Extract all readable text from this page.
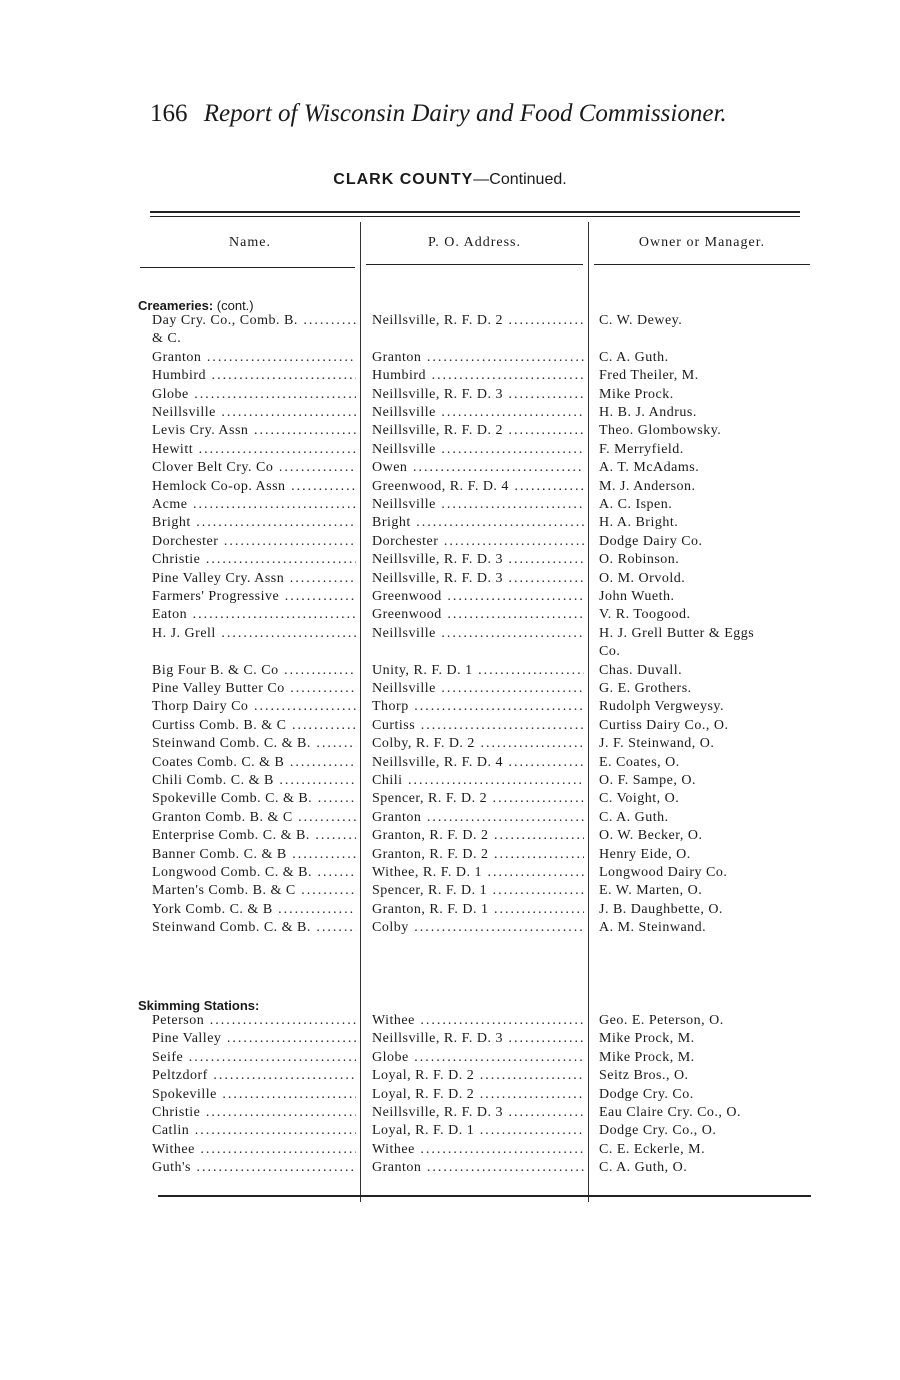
166 Report of Wisconsin Dairy and Food Commissioner.
CLARK COUNTY—Continued.
Name.	P. O. Address.	Owner or Manager.
Creameries: (cont.)
Day Cry. Co., Comb. B. .....	Neillsville, R. F. D. 2 .....	C. W. Dewey.
& C.
Granton .....	Granton .....	C. A. Guth.
Humbird .....	Humbird .....	Fred Theiler, M.
Globe .....	Neillsville, R. F. D. 3 .....	Mike Prock.
Neillsville .....	Neillsville .....	H. B. J. Andrus.
Levis Cry. Assn .....	Neillsville, R. F. D. 2 .....	Theo. Glombowsky.
Hewitt .....	Neillsville .....	F. Merryfield.
Clover Belt Cry. Co .....	Owen .....	A. T. McAdams.
Hemlock Co-op. Assn .....	Greenwood, R. F. D. 4 .....	M. J. Anderson.
Acme .....	Neillsville .....	A. C. Ispen.
Bright .....	Bright .....	H. A. Bright.
Dorchester .....	Dorchester .....	Dodge Dairy Co.
Christie .....	Neillsville, R. F. D. 3 .....	O. Robinson.
Pine Valley Cry. Assn .....	Neillsville, R. F. D. 3 .....	O. M. Orvold.
Farmers' Progressive .....	Greenwood .....	John Wueth.
Eaton .....	Greenwood .....	V. R. Toogood.
H. J. Grell .....	Neillsville .....	H. J. Grell Butter & Eggs
Co.
Big Four B. & C. Co .....	Unity, R. F. D. 1 .....	Chas. Duvall.
Pine Valley Butter Co .....	Neillsville .....	G. E. Grothers.
Thorp Dairy Co .....	Thorp .....	Rudolph Vergweysy.
Curtiss Comb. B. & C .....	Curtiss .....	Curtiss Dairy Co., O.
Steinwand Comb. C. & B. .....	Colby, R. F. D. 2 .....	J. F. Steinwand, O.
Coates Comb. C. & B .....	Neillsville, R. F. D. 4 .....	E. Coates, O.
Chili Comb. C. & B .....	Chili .....	O. F. Sampe, O.
Spokeville Comb. C. & B. .....	Spencer, R. F. D. 2 .....	C. Voight, O.
Granton Comb. B. & C .....	Granton .....	C. A. Guth.
Enterprise Comb. C. & B. .....	Granton, R. F. D. 2 .....	O. W. Becker, O.
Banner Comb. C. & B .....	Granton, R. F. D. 2 .....	Henry Eide, O.
Longwood Comb. C. & B. .....	Withee, R. F. D. 1 .....	Longwood Dairy Co.
Marten's Comb. B. & C .....	Spencer, R. F. D. 1 .....	E. W. Marten, O.
York Comb. C. & B .....	Granton, R. F. D. 1 .....	J. B. Daughbette, O.
Steinwand Comb. C. & B. .....	Colby .....	A. M. Steinwand.
Skimming Stations:
Peterson .....	Withee .....	Geo. E. Peterson, O.
Pine Valley .....	Neillsville, R. F. D. 3 .....	Mike Prock, M.
Seife .....	Globe .....	Mike Prock, M.
Peltzdorf .....	Loyal, R. F. D. 2 .....	Seitz Bros., O.
Spokeville .....	Loyal, R. F. D. 2 .....	Dodge Cry. Co.
Christie .....	Neillsville, R. F. D. 3 .....	Eau Claire Cry. Co., O.
Catlin .....	Loyal, R. F. D. 1 .....	Dodge Cry. Co., O.
Withee .....	Withee .....	C. E. Eckerle, M.
Guth's .....	Granton .....	C. A. Guth, O.
